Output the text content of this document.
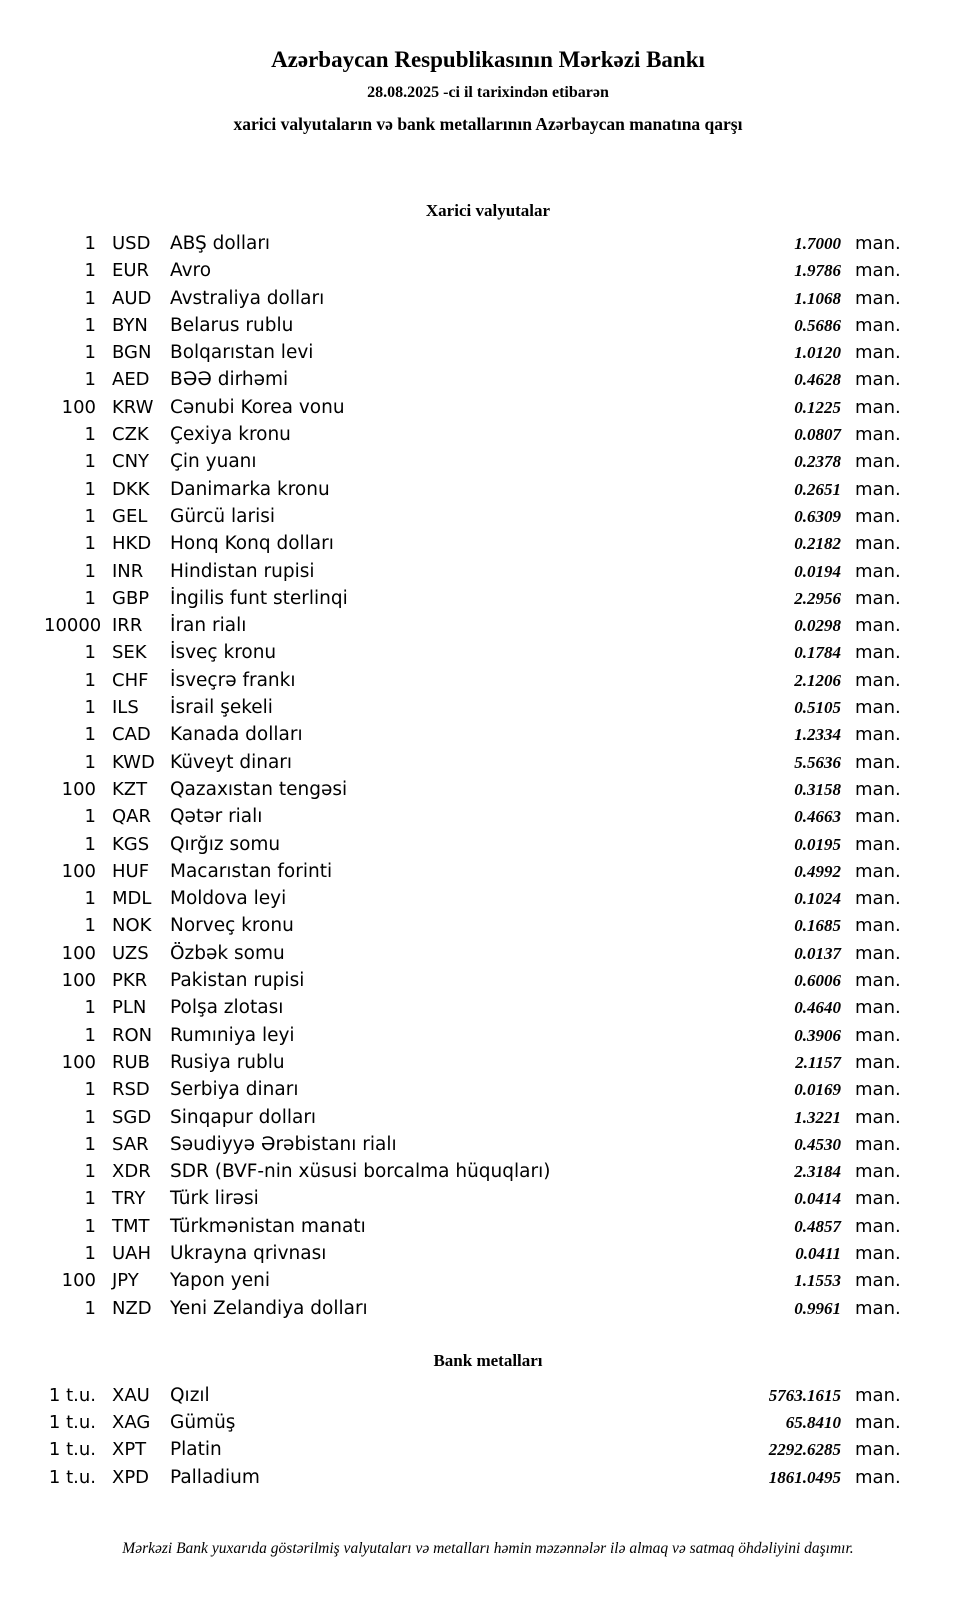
Azərbaycan Respublikasının Mərkəzi Bankı
28.08.2025 -ci il tarixindən etibarən
xarici valyutaların və bank metallarının Azərbaycan manatına qarşı
Xarici valyutalar
1 USD	ABŞ dolları	1.7000 man.
1 EUR	Avro	1.9786 man.
1 AUD	Avstraliya dolları	1.1068 man.
1 BYN	Belarus rublu	0.5686 man.
1 BGN	Bolqarıstan levi	1.0120 man.
1 AED	BƏƏ dirhəmi	0.4628 man.
100 KRW Cənubi Korea vonu	0.1225 man.
1 CZK	Çexiya kronu	0.0807 man.
1 CNY	Çin yuanı	0.2378 man.
1 DKK	Danimarka kronu	0.2651 man.
1 GEL	Gürcü larisi	0.6309 man.
1 HKD	Honq Konq dolları	0.2182 man.
1 INR	Hindistan rupisi	0.0194 man.
1 GBP	İngilis funt sterlinqi	2.2956 man.
10000 IRR	İran rialı	0.0298 man.
1 SEK	İsveç kronu	0.1784 man.
1 CHF	İsveçrə frankı	2.1206 man.
1 ILS	İsrail şekeli	0.5105 man.
1 CAD	Kanada dolları	1.2334 man.
1 KWD Küveyt dinarı	5.5636 man.
100 KZT	Qazaxıstan tengəsi	0.3158 man.
1 QAR	Qətər rialı	0.4663 man.
1 KGS	Qırğız somu	0.0195 man.
100 HUF	Macarıstan forinti	0.4992 man.
1 MDL	Moldova leyi	0.1024 man.
1 NOK	Norveç kronu	0.1685 man.
100 UZS	Özbək somu	0.0137 man.
100 PKR	Pakistan rupisi	0.6006 man.
1 PLN	Polşa zlotası	0.4640 man.
1 RON Rumıniya leyi	0.3906 man.
100 RUB	Rusiya rublu	2.1157 man.
1 RSD	Serbiya dinarı	0.0169 man.
1 SGD	Sinqapur dolları	1.3221 man.
1 SAR	Səudiyyə Ərəbistanı rialı	0.4530 man.
1 XDR	SDR (BVF-nin xüsusi borcalma hüquqları)	2.3184 man.
1 TRY	Türk lirəsi	0.0414 man.
1 TMT	Türkmənistan manatı	0.4857 man.
1 UAH	Ukrayna qrivnası	0.0411 man.
100 JPY	Yapon yeni	1.1553 man.
1 NZD Yeni Zelandiya dolları	0.9961 man.
Bank metalları
1 t.u. XAU	Qızıl	5763.1615 man.
1 t.u. XAG	Gümüş	65.8410 man.
1 t.u. XPT	Platin	2292.6285 man.
1 t.u. XPD	Palladium	1861.0495 man.
Mərkəzi Bank yuxarıda göstərilmiş valyutaları və metalları həmin məzənnələr ilə almaq və satmaq öhdəliyini daşımır.
